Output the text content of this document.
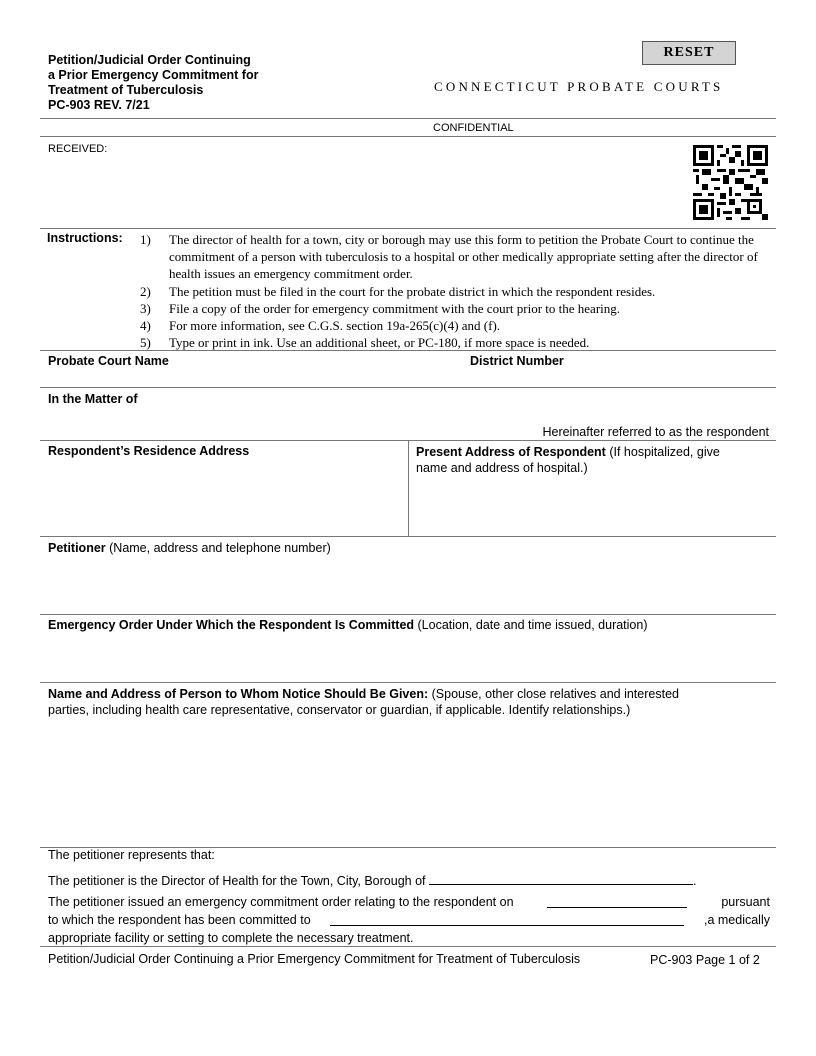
Petition/Judicial Order Continuing
a Prior Emergency Commitment for
Treatment of Tuberculosis
PC-903 REV. 7/21
RESET
CONNECTICUT PROBATE COURTS
CONFIDENTIAL
RECEIVED:
Instructions: 1)	The director of health for a town, city or borough may use this form to petition the Probate Court to continue the commitment of a person with tuberculosis to a hospital or other medically appropriate setting after the director of health issues an emergency commitment order.
2)	The petition must be filed in the court for the probate district in which the respondent resides.
3)	File a copy of the order for emergency commitment with the court prior to the hearing.
4)	For more information, see C.G.S. section 19a-265(c)(4) and (f).
5)	Type or print in ink. Use an additional sheet, or PC-180, if more space is needed.
Probate Court Name	District Number
In the Matter of
Hereinafter referred to as the respondent
Respondent’s Residence Address	Present Address of Respondent (If hospitalized, give
name and address of hospital.)
Petitioner (Name, address and telephone number)
Emergency Order Under Which the Respondent Is Committed (Location, date and time issued, duration)
Name and Address of Person to Whom Notice Should Be Given: (Spouse, other close relatives and interested
parties, including health care representative, conservator or guardian, if applicable. Identify relationships.)
The petitioner represents that:
The petitioner is the Director of Health for the Town, City, Borough of	.
The petitioner issued an emergency commitment order relating to the respondent on	pursuant
to which the respondent has been committed to	,a medically
appropriate facility or setting to complete the necessary treatment.
Petition/Judicial Order Continuing a Prior Emergency Commitment for Treatment of Tuberculosis	PC-903 Page 1 of 2
